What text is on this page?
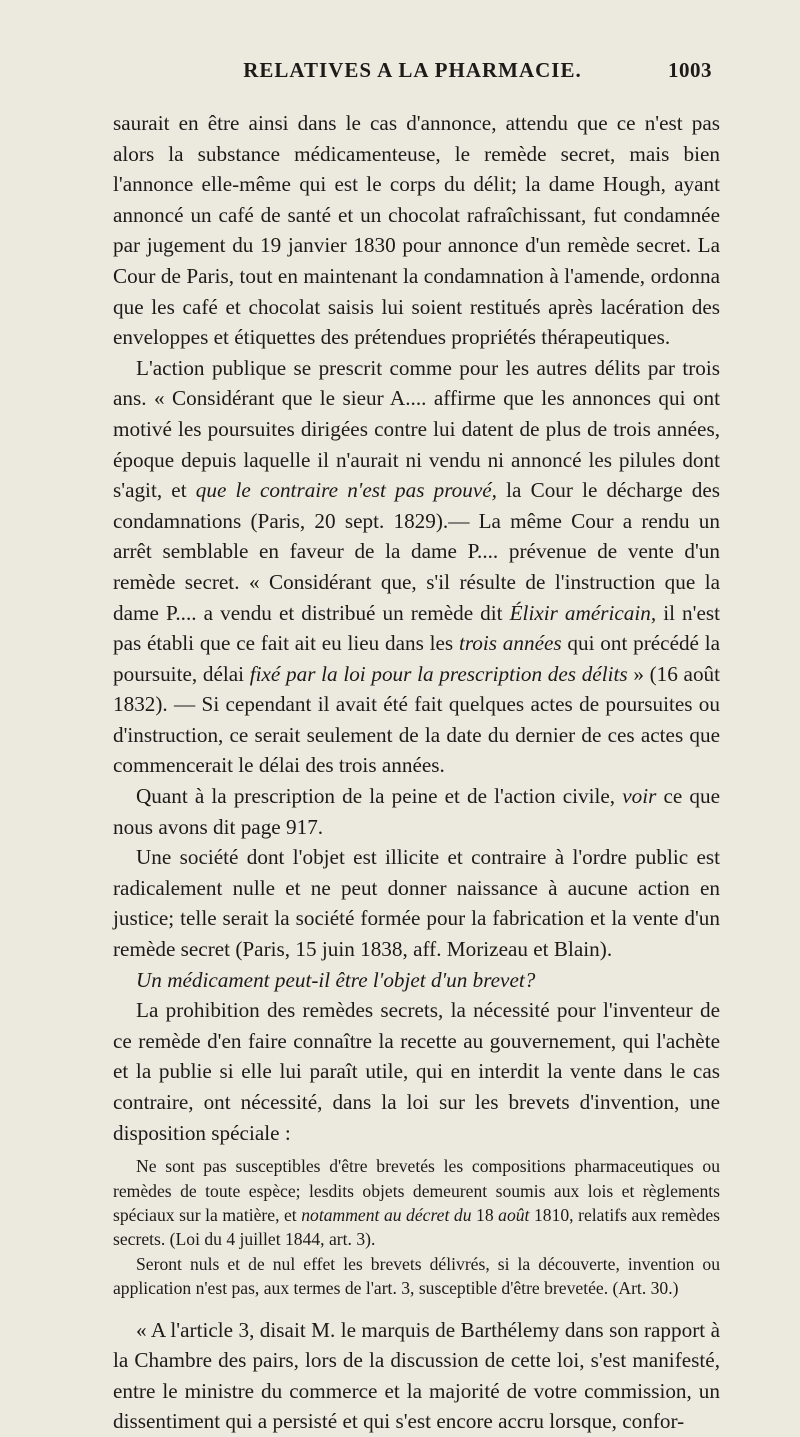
RELATIVES A LA PHARMACIE.	1003

saurait en être ainsi dans le cas d'annonce, attendu que ce n'est pas alors la substance médicamenteuse, le remède secret, mais bien l'annonce elle-même qui est le corps du délit; la dame Hough, ayant annoncé un café de santé et un chocolat rafraîchissant, fut condamnée par jugement du 19 janvier 1830 pour annonce d'un remède secret. La Cour de Paris, tout en maintenant la condamnation à l'amende, ordonna que les café et chocolat saisis lui soient restitués après lacération des enveloppes et étiquettes des prétendues propriétés thérapeutiques.

L'action publique se prescrit comme pour les autres délits par trois ans. « Considérant que le sieur A.... affirme que les annonces qui ont motivé les poursuites dirigées contre lui datent de plus de trois années, époque depuis laquelle il n'aurait ni vendu ni annoncé les pilules dont s'agit, et que le contraire n'est pas prouvé, la Cour le décharge des condamnations (Paris, 20 sept. 1829).— La même Cour a rendu un arrêt semblable en faveur de la dame P.... prévenue de vente d'un remède secret. « Considérant que, s'il résulte de l'instruction que la dame P.... a vendu et distribué un remède dit Élixir américain, il n'est pas établi que ce fait ait eu lieu dans les trois années qui ont précédé la poursuite, délai fixé par la loi pour la prescription des délits » (16 août 1832). — Si cependant il avait été fait quelques actes de poursuites ou d'instruction, ce serait seulement de la date du dernier de ces actes que commencerait le délai des trois années.

Quant à la prescription de la peine et de l'action civile, voir ce que nous avons dit page 917.

Une société dont l'objet est illicite et contraire à l'ordre public est radicalement nulle et ne peut donner naissance à aucune action en justice; telle serait la société formée pour la fabrication et la vente d'un remède secret (Paris, 15 juin 1838, aff. Morizeau et Blain).

Un médicament peut-il être l'objet d'un brevet?

La prohibition des remèdes secrets, la nécessité pour l'inventeur de ce remède d'en faire connaître la recette au gouvernement, qui l'achète et la publie si elle lui paraît utile, qui en interdit la vente dans le cas contraire, ont nécessité, dans la loi sur les brevets d'invention, une disposition spéciale :

Ne sont pas susceptibles d'être brevetés les compositions pharmaceutiques ou remèdes de toute espèce; lesdits objets demeurent soumis aux lois et règlements spéciaux sur la matière, et notamment au décret du 18 août 1810, relatifs aux remèdes secrets. (Loi du 4 juillet 1844, art. 3).

Seront nuls et de nul effet les brevets délivrés, si la découverte, invention ou application n'est pas, aux termes de l'art. 3, susceptible d'être brevetée. (Art. 30.)

« A l'article 3, disait M. le marquis de Barthélemy dans son rapport à la Chambre des pairs, lors de la discussion de cette loi, s'est manifesté, entre le ministre du commerce et la majorité de votre commission, un dissentiment qui a persisté et qui s'est encore accru lorsque, confor-
